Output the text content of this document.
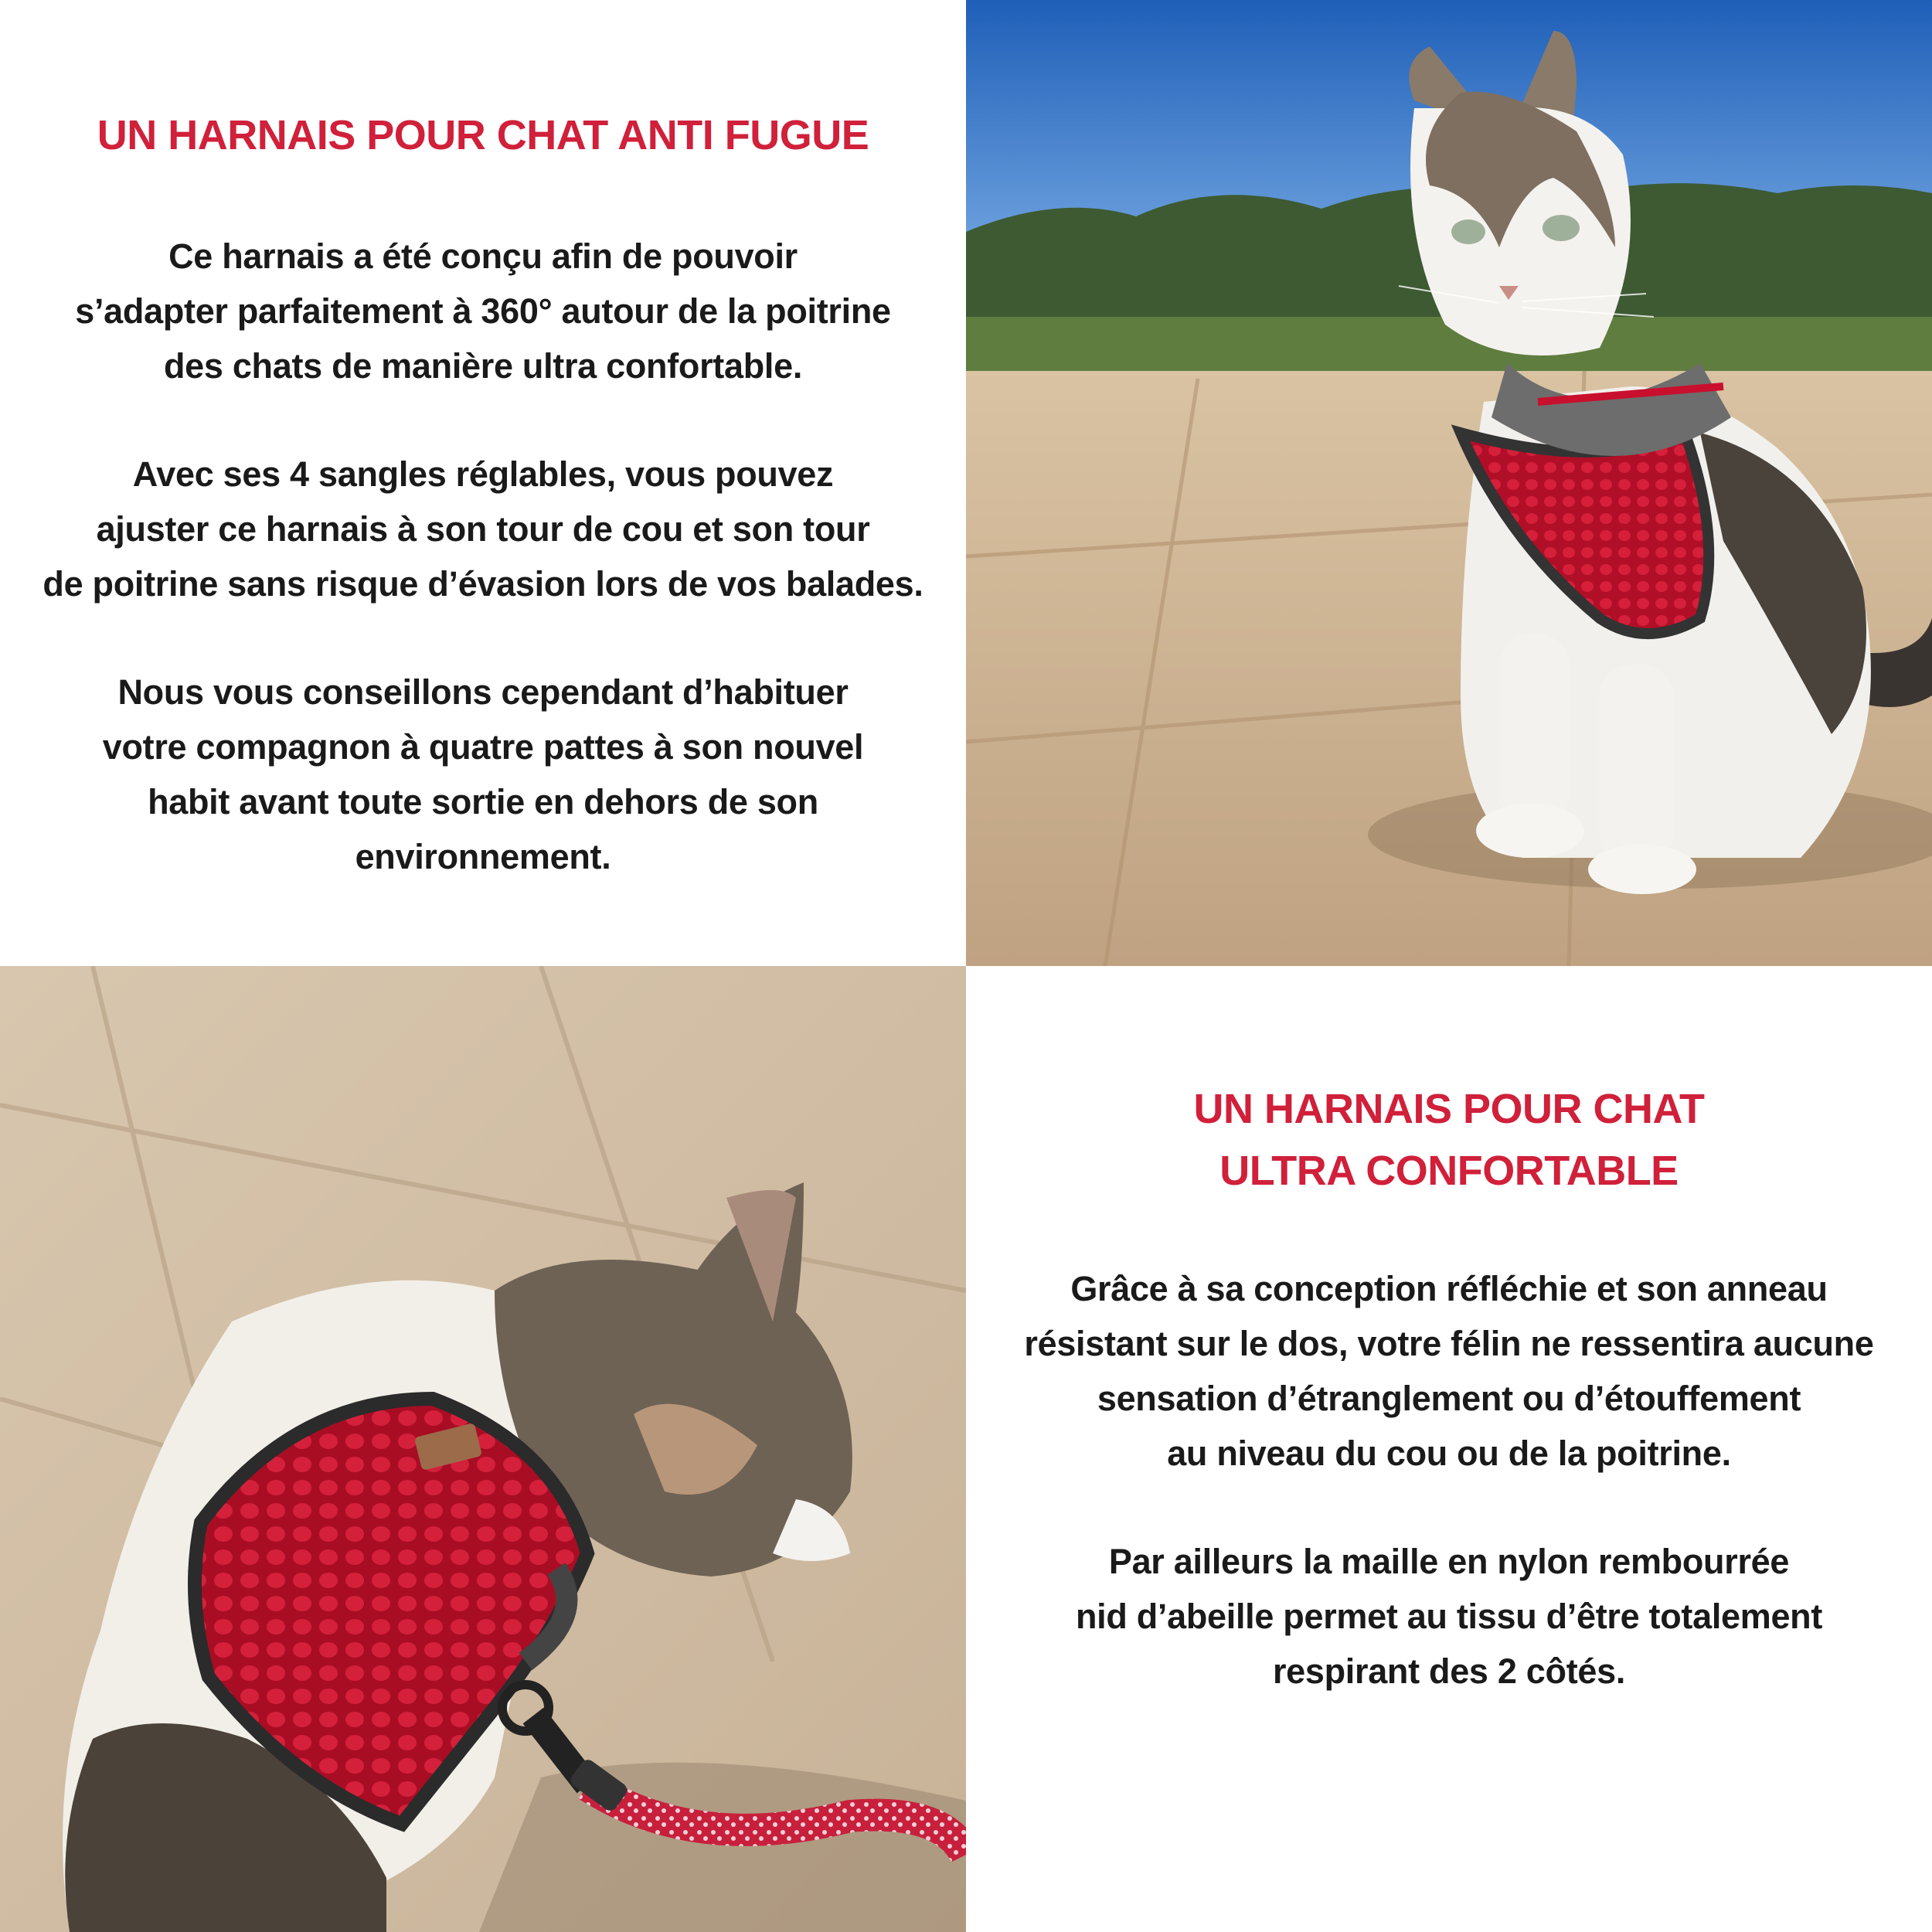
UN HARNAIS POUR CHAT ANTI FUGUE
Ce harnais a été conçu afin de pouvoir
s’adapter parfaitement à 360° autour de la poitrine
des chats de manière ultra confortable.
Avec ses 4 sangles réglables, vous pouvez
ajuster ce harnais à son tour de cou et son tour
de poitrine sans risque d’évasion lors de vos balades.
Nous vous conseillons cependant d’habituer
votre compagnon à quatre pattes à son nouvel
habit avant toute sortie en dehors de son
environnement.
UN HARNAIS POUR CHAT
ULTRA CONFORTABLE
Grâce à sa conception réfléchie et son anneau
résistant sur le dos, votre félin ne ressentira aucune
sensation d’étranglement ou d’étouffement
au niveau du cou ou de la poitrine.
Par ailleurs la maille en nylon rembourrée
nid d’abeille permet au tissu d’être totalement
respirant des 2 côtés.
